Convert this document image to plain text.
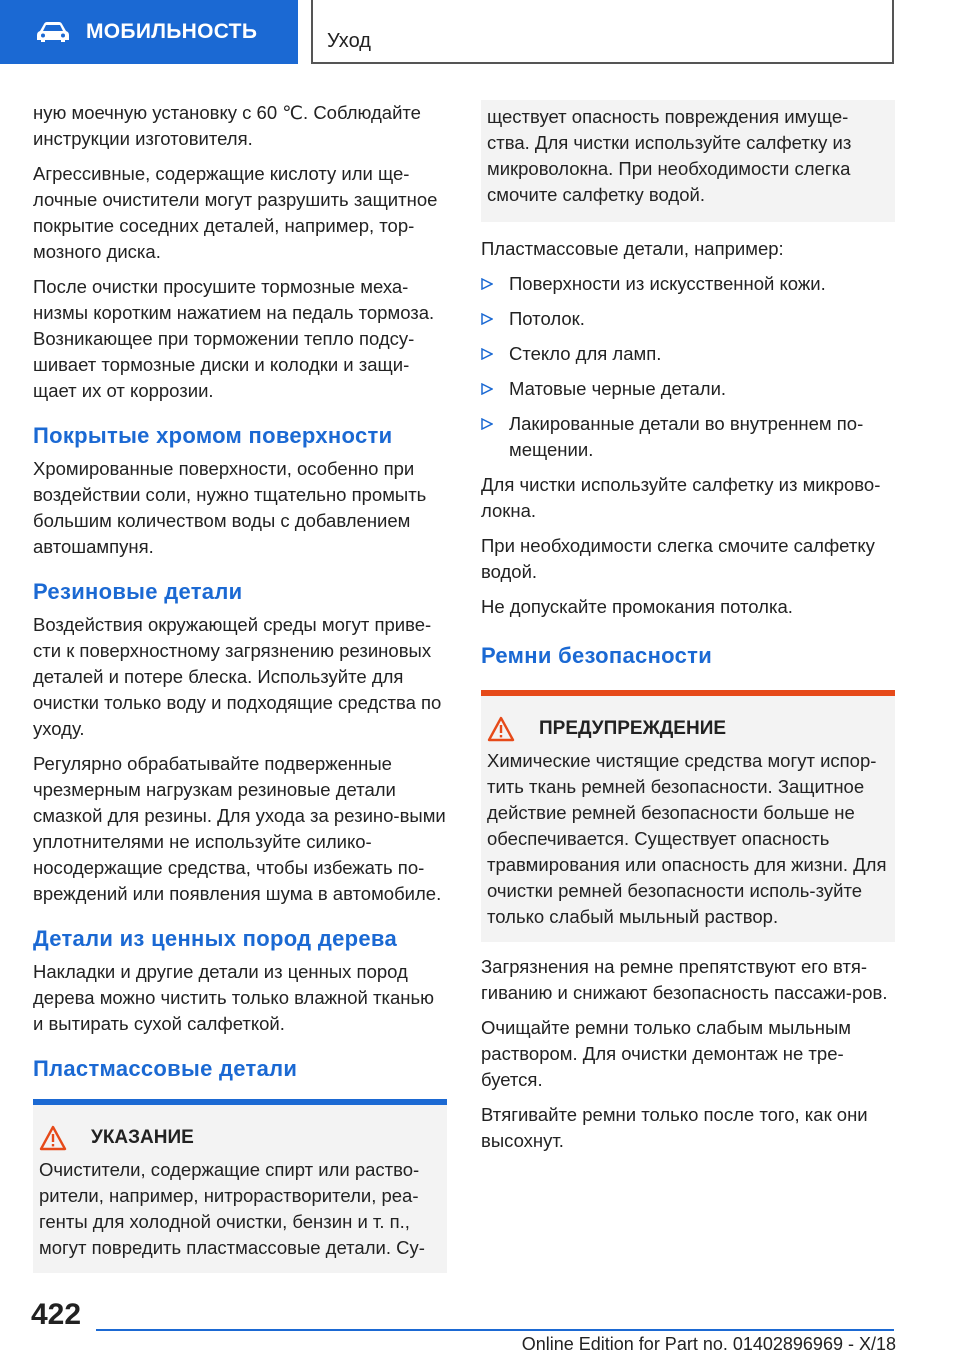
МОБИЛЬНОСТЬ	Уход

ную моечную установку с 60 ℃. Соблюдайте инструкции изготовителя.

Агрессивные, содержащие кислоту или ще-лочные очистители могут разрушить защитное покрытие соседних деталей, например, тор-мозного диска.

После очистки просушите тормозные меха-низмы коротким нажатием на педаль тормоза. Возникающее при торможении тепло подсу-шивает тормозные диски и колодки и защи-щает их от коррозии.

Покрытые хромом поверхности

Хромированные поверхности, особенно при воздействии соли, нужно тщательно промыть большим количеством воды с добавлением автошампуня.

Резиновые детали

Воздействия окружающей среды могут приве-сти к поверхностному загрязнению резиновых деталей и потере блеска. Используйте для очистки только воду и подходящие средства по уходу.

Регулярно обрабатывайте подверженные чрезмерным нагрузкам резиновые детали смазкой для резины. Для ухода за резино-выми уплотнителями не используйте силико-носодержащие средства, чтобы избежать по-вреждений или появления шума в автомобиле.

Детали из ценных пород дерева

Накладки и другие детали из ценных пород дерева можно чистить только влажной тканью и вытирать сухой салфеткой.

Пластмассовые детали
УКАЗАНИЕ

Очистители, содержащие спирт или раство-рители, например, нитрорастворители, реа-генты для холодной очистки, бензин и т. п., могут повредить пластмассовые детали. Су-

ществует опасность повреждения имуще-ства. Для чистки используйте салфетку из микроволокна. При необходимости слегка смочите салфетку водой.

Пластмассовые детали, например:

Поверхности из искусственной кожи.
Потолок.
Стекло для ламп.
Матовые черные детали.
Лакированные детали во внутреннем по-мещении.

Для чистки используйте салфетку из микрово-локна.

При необходимости слегка смочите салфетку водой.

Не допускайте промокания потолка.

Ремни безопасности
ПРЕДУПРЕЖДЕНИЕ

Химические чистящие средства могут испор-тить ткань ремней безопасности. Защитное действие ремней безопасности больше не обеспечивается. Существует опасность травмирования или опасность для жизни. Для очистки ремней безопасности исполь-зуйте только слабый мыльный раствор.

Загрязнения на ремне препятствуют его втя-гиванию и снижают безопасность пассажи-ров.

Очищайте ремни только слабым мыльным раствором. Для очистки демонтаж не тре-буется.

Втягивайте ремни только после того, как они высохнут.

422
Online Edition for Part no. 01402896969 - X/18
